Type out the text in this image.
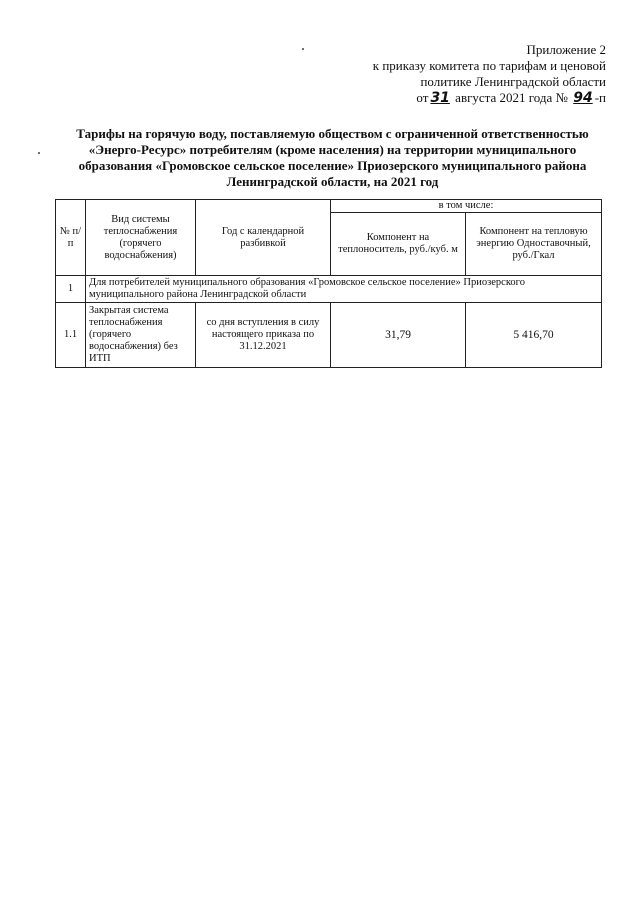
Приложение 2
к приказу комитета по тарифам и ценовой
политике Ленинградской области
от 31 августа 2021 года № 94 -п
Тарифы на горячую воду, поставляемую обществом с ограниченной ответственностью
«Энерго-Ресурс» потребителям (кроме населения) на территории муниципального
образования «Громовское сельское поселение» Приозерского муниципального района
Ленинградской области, на 2021 год
№ п/п	Вид системы теплоснабжения (горячего водоснабжения)	Год с календарной разбивкой	в том числе:	
			Компонент на теплоноситель, руб./куб. м	Компонент на тепловую энергию Одноставочный, руб./Гкал
1	Для потребителей муниципального образования «Громовское сельское поселение» Приозерского муниципального района Ленинградской области			
1.1	Закрытая система теплоснабжения (горячего водоснабжения) без ИТП	со дня вступления в силу настоящего приказа по 31.12.2021	31,79	5 416,70
